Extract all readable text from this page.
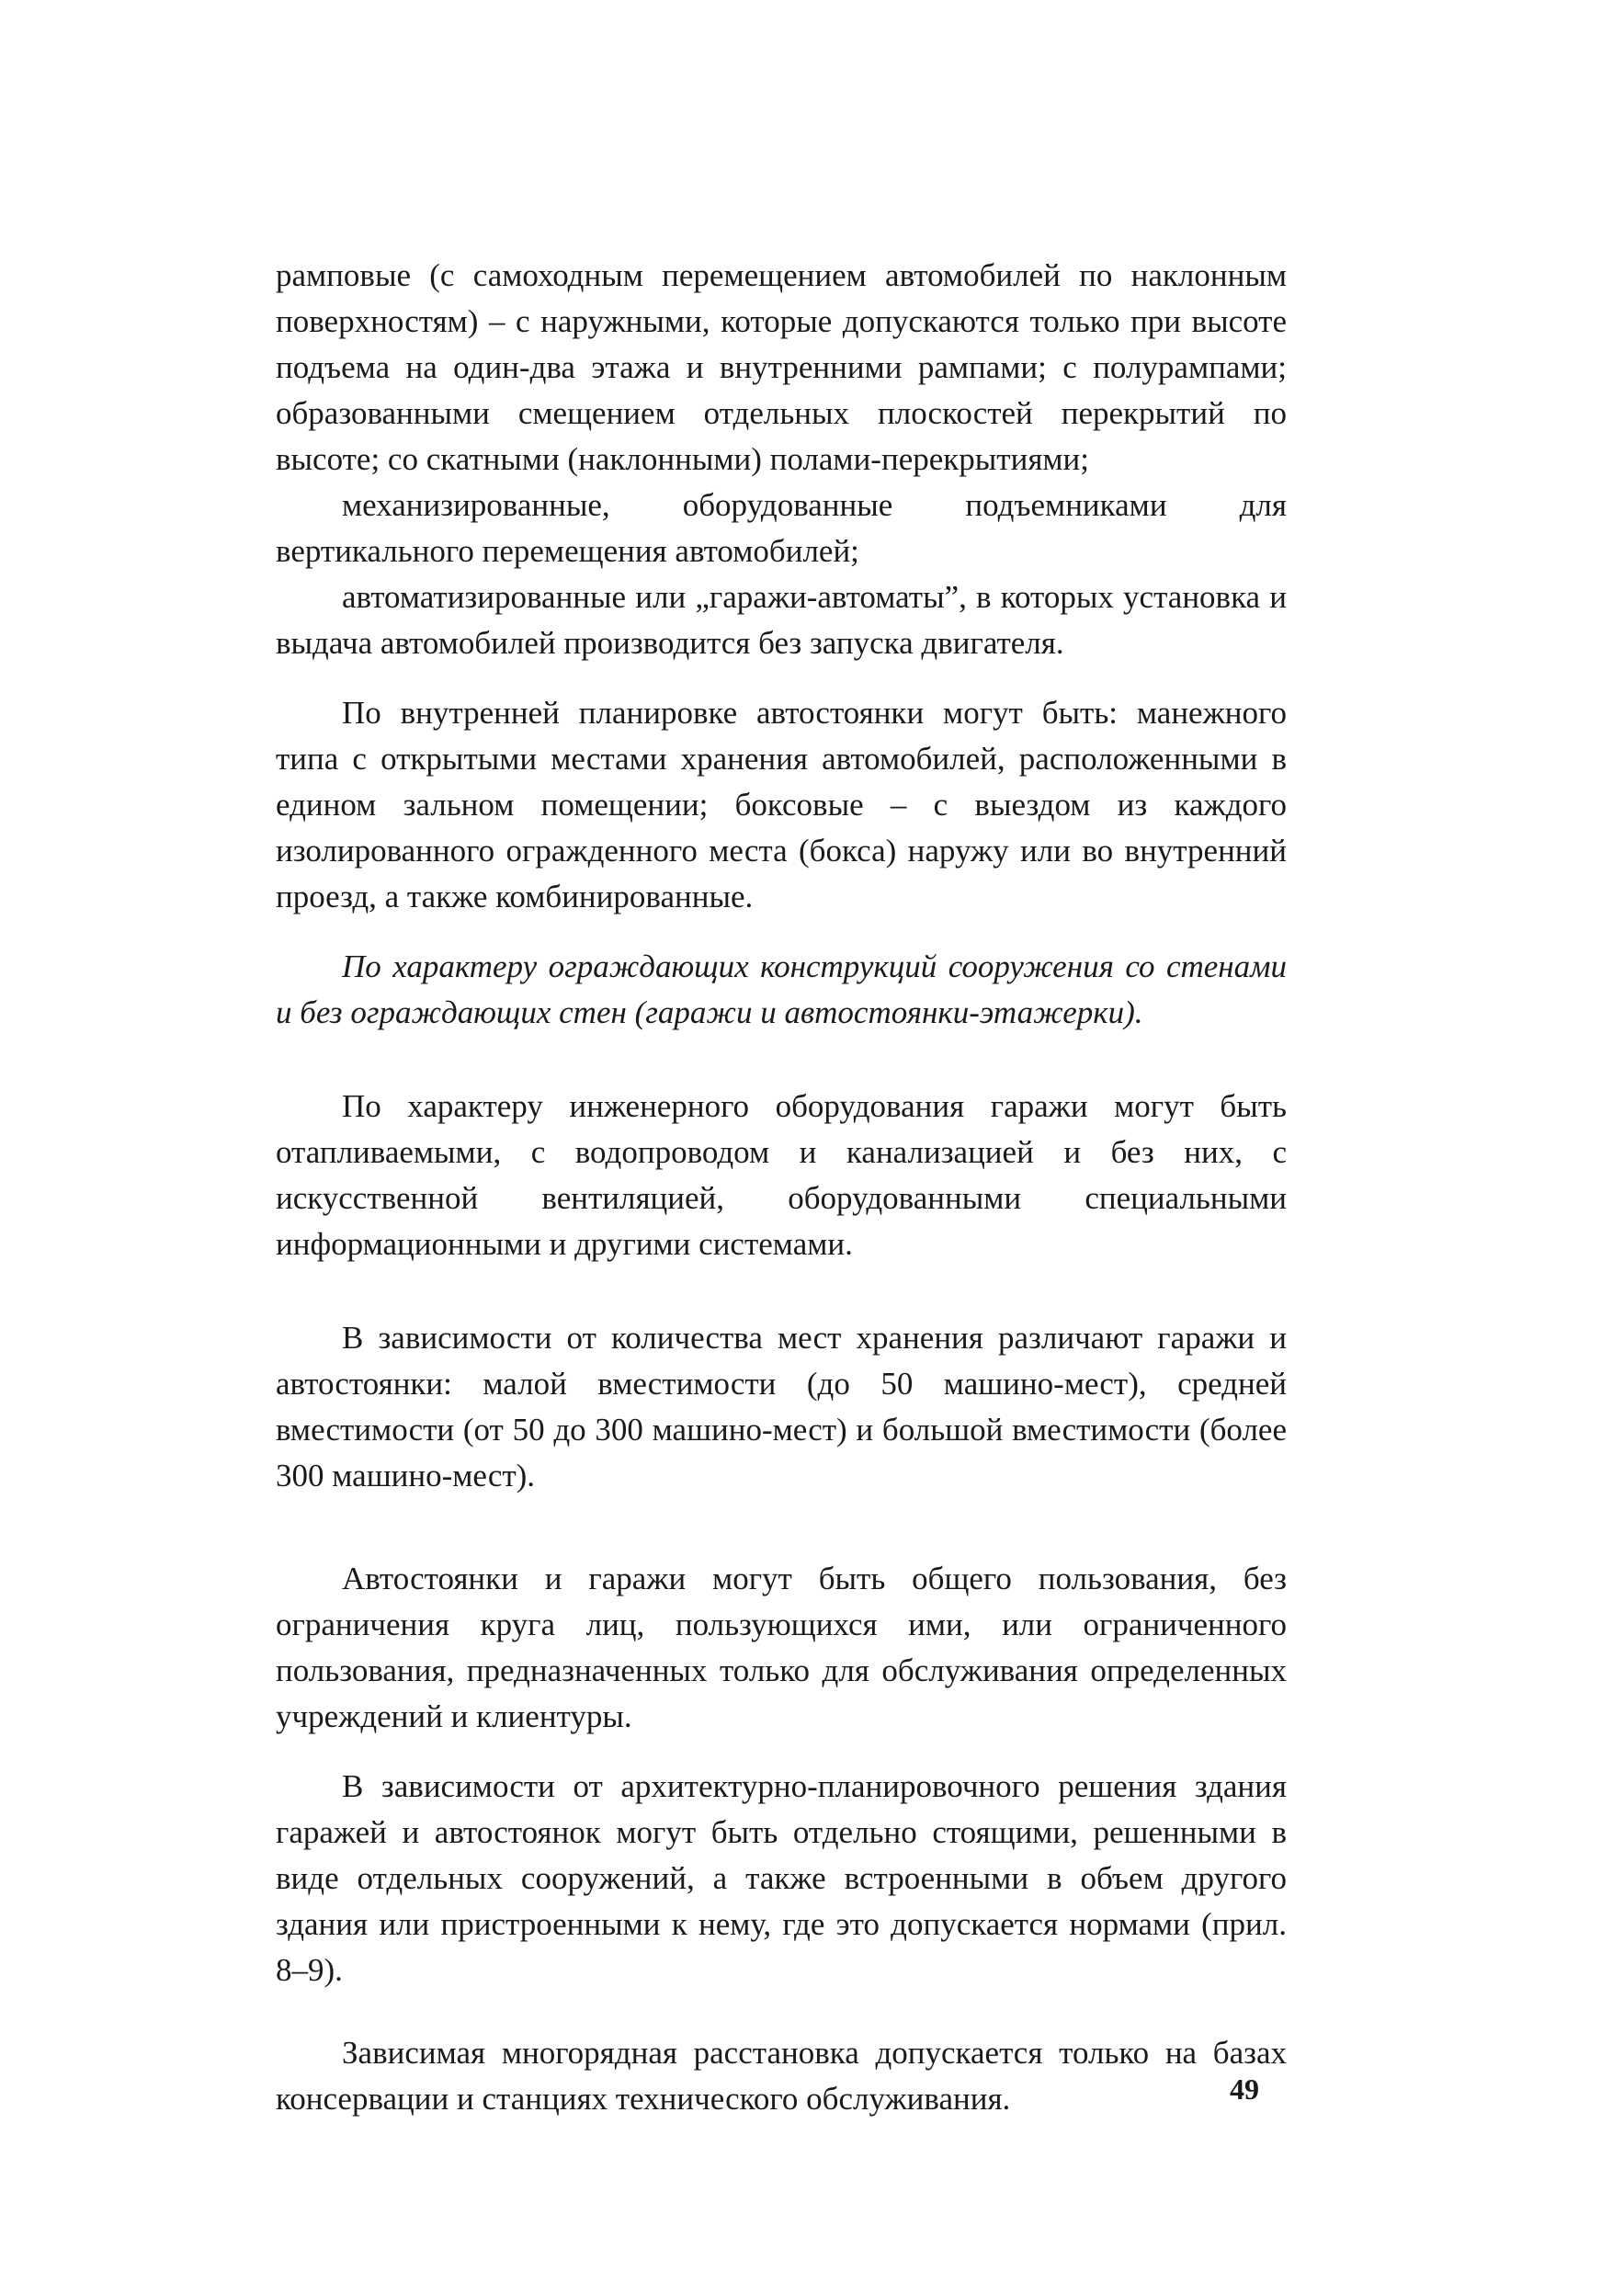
рамповые (с самоходным перемещением автомобилей по наклонным поверхностям) – с наружными, которые допускаются только при высоте подъема на один-два этажа и внутренними рампами; с полурампами; образованными смещением отдельных плоскостей перекрытий по высоте; со скатными (наклонными) полами-перекрытиями;

механизированные, оборудованные подъемниками для вертикального перемещения автомобилей;

автоматизированные или „гаражи-автоматы”, в которых установка и выдача автомобилей производится без запуска двигателя.

По внутренней планировке автостоянки могут быть: манежного типа с открытыми местами хранения автомобилей, расположенными в едином зальном помещении; боксовые – с выездом из каждого изолированного огражденного места (бокса) наружу или во внутренний проезд, а также комбинированные.

По характеру ограждающих конструкций сооружения со стенами и без ограждающих стен (гаражи и автостоянки-этажерки).

По характеру инженерного оборудования гаражи могут быть отапливаемыми, с водопроводом и канализацией и без них, с искусственной вентиляцией, оборудованными специальными информационными и другими системами.

В зависимости от количества мест хранения различают гаражи и автостоянки: малой вместимости (до 50 машино-мест), средней вместимости (от 50 до 300 машино-мест) и большой вместимости (более 300 машино-мест).

Автостоянки и гаражи могут быть общего пользования, без ограничения круга лиц, пользующихся ими, или ограниченного пользования, предназначенных только для обслуживания определенных учреждений и клиентуры.

В зависимости от архитектурно-планировочного решения здания гаражей и автостоянок могут быть отдельно стоящими, решенными в виде отдельных сооружений, а также встроенными в объем другого здания или пристроенными к нему, где это допускается нормами (прил. 8–9).

Зависимая многорядная расстановка допускается только на базах консервации и станциях технического обслуживания.	49
